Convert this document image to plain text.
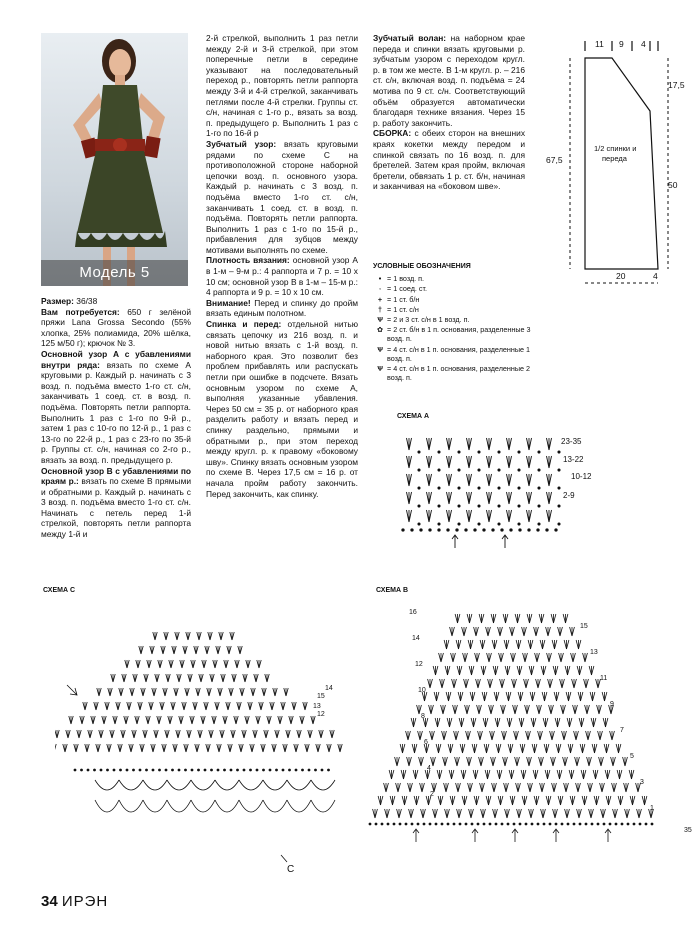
Модель 5

Размер: 36/38

Вам потребуется: 650 г зелёной пряжи Lana Grossa Secondo (55% хлопка, 25% полиамида, 20% шёлка, 125 м/50 г); крючок № 3.

Основной узор А с убавлениями внутри ряда: вязать по схеме А круговыми р. Каждый р. начинать с 3 возд. п. подъёма вместо 1-го ст. с/н, заканчивать 1 соед. ст. в возд. п. подъёма. Повторять петли раппорта. Выполнить 1 раз с 1-го по 9-й р., затем 1 раз с 10-го по 12-й р., 1 раз с 13-го по 22-й р., 1 раз с 23-го по 35-й р. Группы ст. с/н, начиная со 2-го р., вязать за возд. п. предыдущего р.

Основной узор В с убавлениями по краям р.: вязать по схеме В прямыми и обратными р. Каждый р. начинать с 3 возд. п. подъёма вместо 1-го ст. с/н. Начинать с петель перед 1-й стрелкой, повторять петли раппорта между 1-й и

2-й стрелкой, выполнить 1 раз петли между 2-й и 3-й стрелкой, при этом поперечные петли в середине указывают на последовательный переход р., повторять петли раппорта между 3-й и 4-й стрелкой, заканчивать петлями после 4-й стрелки. Группы ст. с/н, начиная с 1-го р., вязать за возд. п. предыдущего р. Выполнить 1 раз с 1-го по 16-й р

Зубчатый узор: вязать круговыми рядами по схеме С на противоположной стороне наборной цепочки возд. п. основного узора. Каждый р. начинать с 3 возд. п. подъёма вместо 1-го ст. с/н, заканчивать 1 соед. ст. в возд. п. подъёма. Повторять петли раппорта. Выполнить 1 раз с 1-го по 15-й р., прибавления для зубцов между мотивами выполнять по схеме.

Плотность вязания: основной узор А в 1-м – 9-м р.: 4 раппорта и 7 р. = 10 х 10 см; основной узор В в 1-м – 15-м р.: 4 раппорта и 9 р. = 10 х 10 см.

Внимание! Перед и спинку до пройм вязать единым полотном.

Спинка и перед: отдельной нитью связать цепочку из 216 возд. п. и новой нитью вязать с 1-й возд. п. наборного края. Это позволит без проблем прибавлять или распускать петли при ошибке в подсчете. Вязать основным узором по схеме А, выполняя указанные убавления. Через 50 см = 35 р. от наборного края разделить работу и вязать перед и спинку раздельно, прямыми и обратными р., при этом переход между кругл. р. к правому «боковому шву». Спинку вязать основным узором по схеме В. Через 17,5 см = 16 р. от начала пройм работу закончить. Перед закончить, как спинку.

Зубчатый волан: на наборном крае переда и спинки вязать круговыми р. зубчатым узором с переходом кругл. р. в том же месте. В 1-м кругл. р. – 216 ст. с/н, включая возд. п. подъёма = 24 мотива по 9 ст. с/н. Соответствующий объём образуется автоматически благодаря технике вязания. Через 15 р. работу закончить.

СБОРКА: с обеих сторон на внешних краях кокетки между передом и спинкой связать по 16 возд. п. для бретелей. Затем края пройм, включая бретели, обвязать 1 р. ст. б/н, начиная и заканчивая на «боковом шве».

УСЛОВНЫЕ ОБОЗНАЧЕНИЯ
• = 1 возд. п.
◦ = 1 соед. ст.
+ = 1 ст. б/н
† = 1 ст. с/н
Ѱ = 2 и 3 ст. с/н в 1 возд. п.
✿ = 2 ст. б/н в 1 п. основания, разделенные 3 возд. п.
Ѱ = 4 ст. с/н в 1 п. основания, разделенные 1 возд. п.
Ѱ = 4 ст. с/н в 1 п. основания, разделенные 2 возд. п.
11 9 4
67,5
17,5
50
20	4
1/2 спинки и
переда
СХЕМА А
23-35
13-22
10-12
2-9
СХЕМА С
15
13
12
14
C
СХЕМА B
16
14
12
10
8
6
4
2
15
13
11
9
7
5
3
1
35
34 ИРЭН
